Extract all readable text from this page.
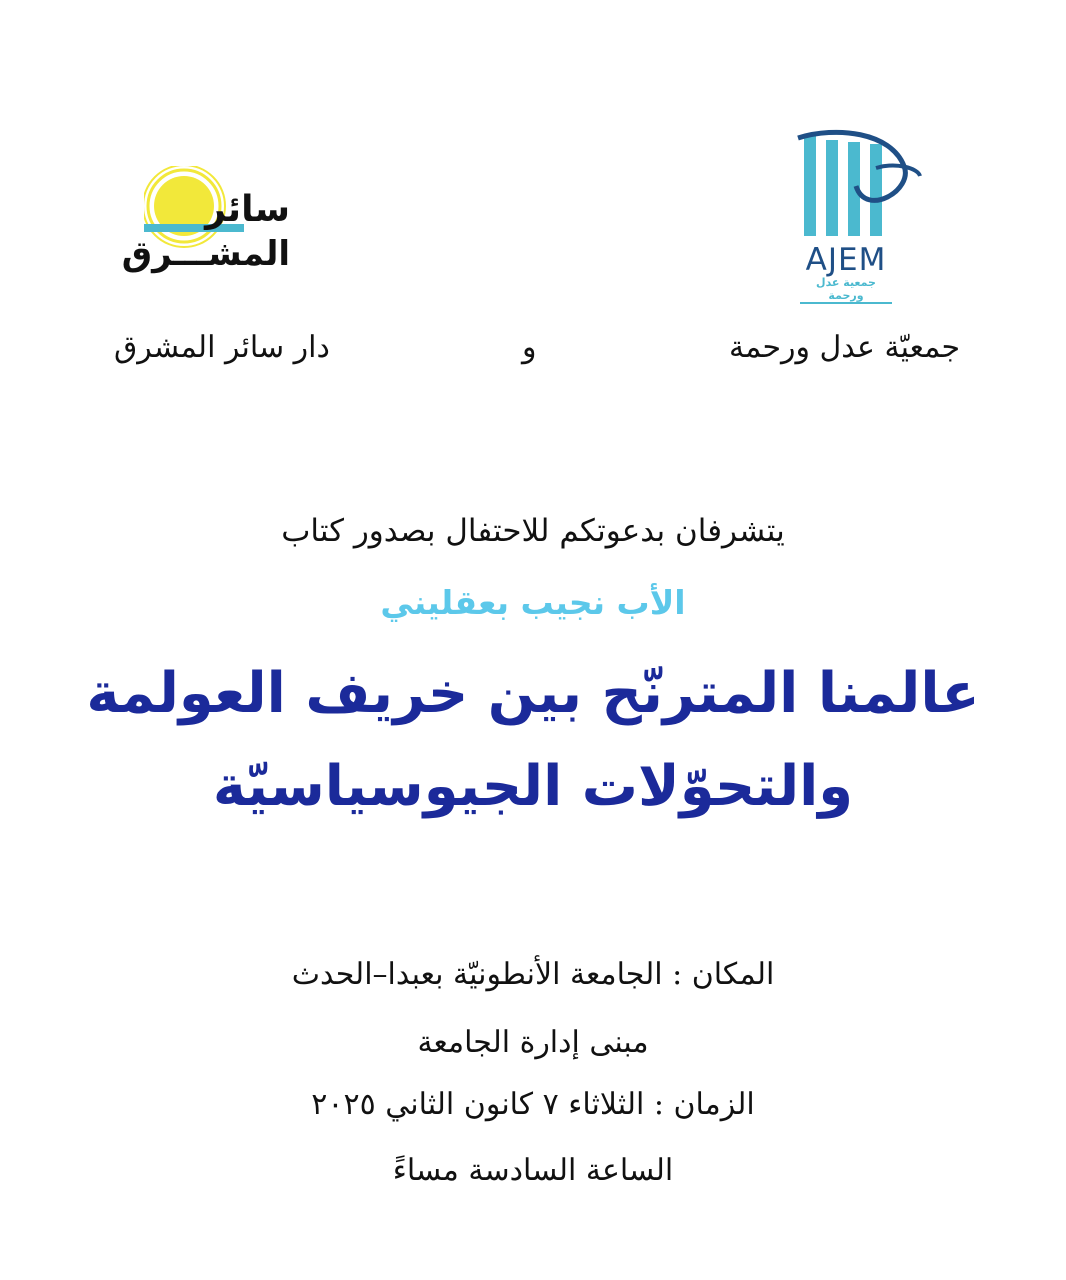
AJEM
جمعية عدل ورحمة
سائر
المشـــرق
جمعيّة عدل ورحمة
و
دار سائر المشرق
يتشرفان بدعوتكم للاحتفال بصدور كتاب
الأب نجيب بعقليني
عالمنا المترنّح بين خريف العولمة
والتحوّلات الجيوسياسيّة
المكان : الجامعة الأنطونيّة بعبدا–الحدث
مبنى إدارة الجامعة
الزمان : الثلاثاء ٧ كانون الثاني ٢٠٢٥
الساعة السادسة مساءً
